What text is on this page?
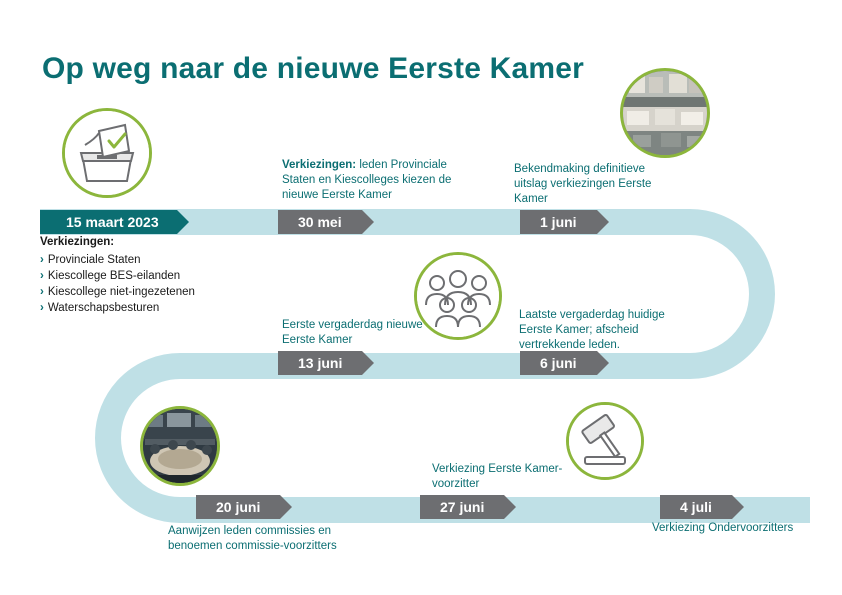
Op weg naar de nieuwe Eerste Kamer
15 maart 2023	30 mei	1 juni
13 juni	6 juni
20 juni	27 juni	4 juli
Verkiezingen:
› Provinciale Staten
› Kiescollege BES-eilanden
› Kiescollege niet-ingezetenen
› Waterschapsbesturen
Verkiezingen: leden Provinciale Staten en Kiescolleges kiezen de nieuwe Eerste Kamer
Bekendmaking definitieve uitslag verkiezingen Eerste Kamer
Laatste vergaderdag huidige Eerste Kamer; afscheid vertrekkende leden.
Eerste vergaderdag nieuwe Eerste Kamer
Aanwijzen leden commissies en benoemen commissie-voorzitters
Verkiezing Eerste Kamer-voorzitter
Verkiezing Ondervoorzitters
